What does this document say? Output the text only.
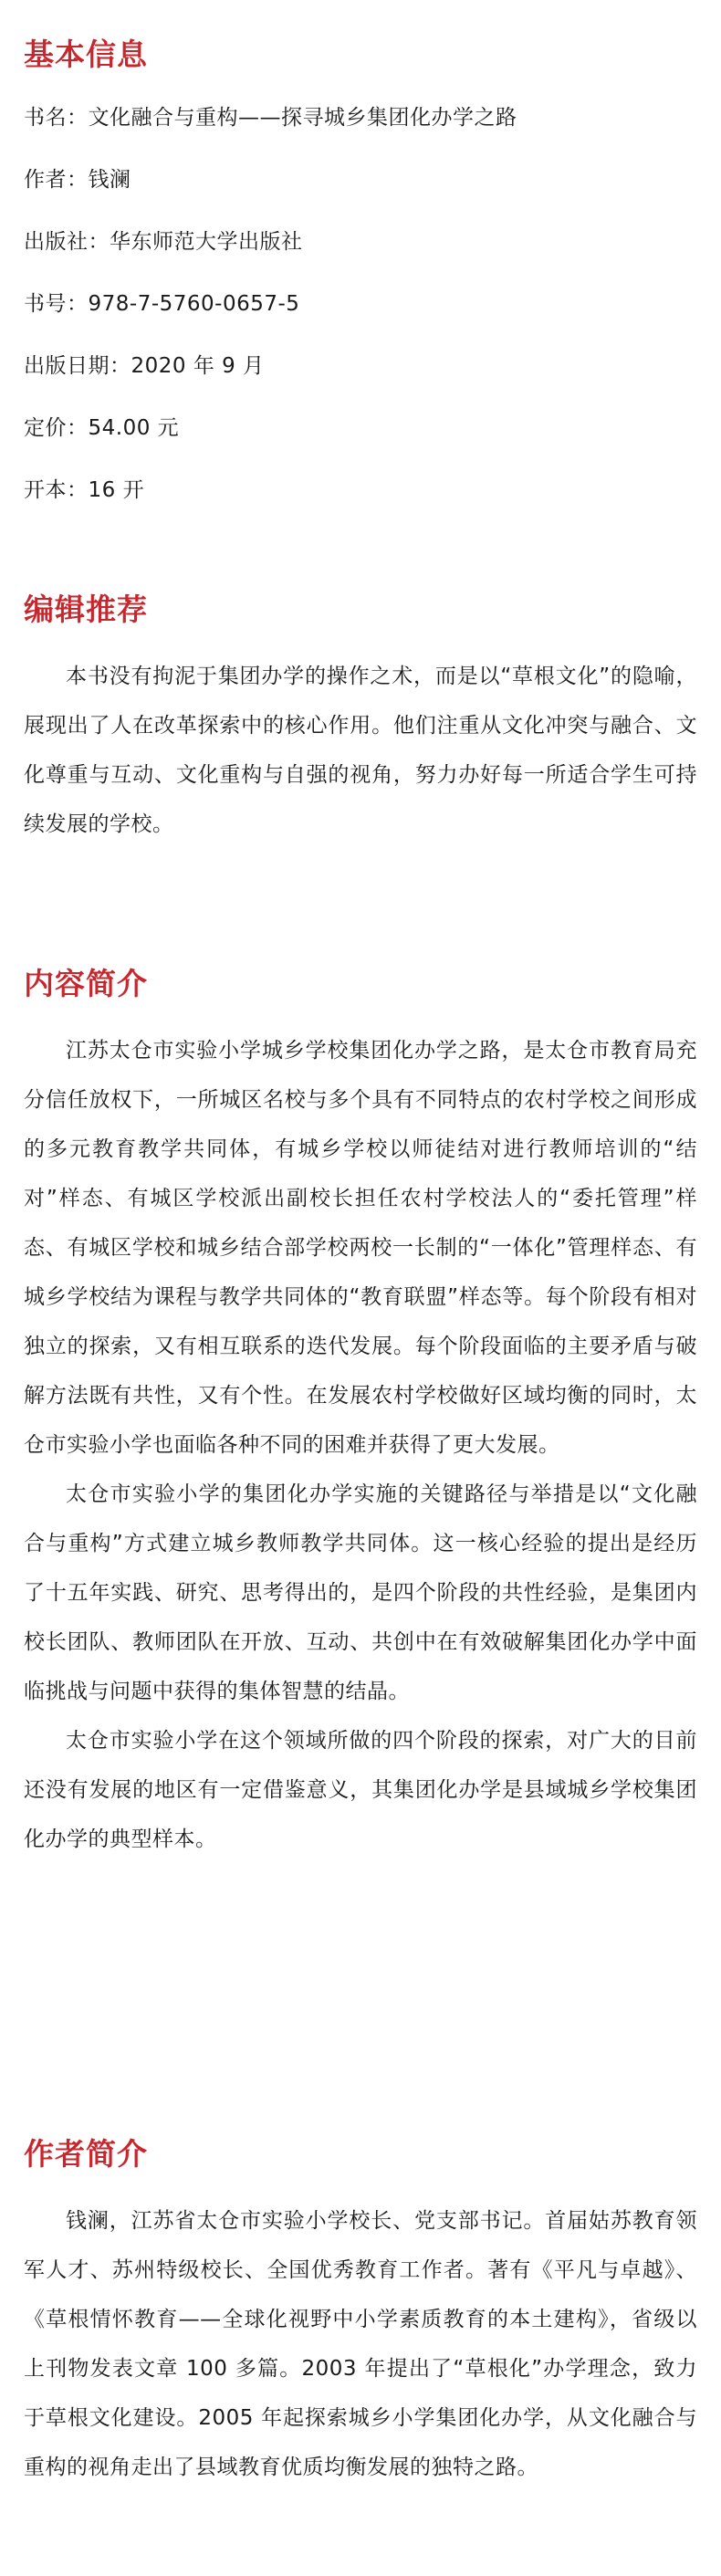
基本信息

书名：文化融合与重构——探寻城乡集团化办学之路

作者：钱澜

出版社：华东师范大学出版社

书号：978-7-5760-0657-5

出版日期：2020 年 9 月

定价：54.00 元

开本：16 开

编辑推荐

本书没有拘泥于集团办学的操作之术，而是以“草根文化”的隐喻，展现出了人在改革探索中的核心作用。他们注重从文化冲突与融合、文化尊重与互动、文化重构与自强的视角，努力办好每一所适合学生可持续发展的学校。

内容简介

江苏太仓市实验小学城乡学校集团化办学之路，是太仓市教育局充分信任放权下，一所城区名校与多个具有不同特点的农村学校之间形成的多元教育教学共同体，有城乡学校以师徒结对进行教师培训的“结对”样态、有城区学校派出副校长担任农村学校法人的“委托管理”样态、有城区学校和城乡结合部学校两校一长制的“一体化”管理样态、有城乡学校结为课程与教学共同体的“教育联盟”样态等。每个阶段有相对独立的探索，又有相互联系的迭代发展。每个阶段面临的主要矛盾与破解方法既有共性，又有个性。在发展农村学校做好区域均衡的同时，太仓市实验小学也面临各种不同的困难并获得了更大发展。

太仓市实验小学的集团化办学实施的关键路径与举措是以“文化融合与重构”方式建立城乡教师教学共同体。这一核心经验的提出是经历了十五年实践、研究、思考得出的，是四个阶段的共性经验，是集团内校长团队、教师团队在开放、互动、共创中在有效破解集团化办学中面临挑战与问题中获得的集体智慧的结晶。

太仓市实验小学在这个领域所做的四个阶段的探索，对广大的目前还没有发展的地区有一定借鉴意义，其集团化办学是县域城乡学校集团化办学的典型样本。

作者简介

钱澜，江苏省太仓市实验小学校长、党支部书记。首届姑苏教育领军人才、苏州特级校长、全国优秀教育工作者。著有《平凡与卓越》、《草根情怀教育——全球化视野中小学素质教育的本土建构》，省级以上刊物发表文章 100 多篇。2003 年提出了“草根化”办学理念，致力于草根文化建设。2005 年起探索城乡小学集团化办学，从文化融合与重构的视角走出了县域教育优质均衡发展的独特之路。
